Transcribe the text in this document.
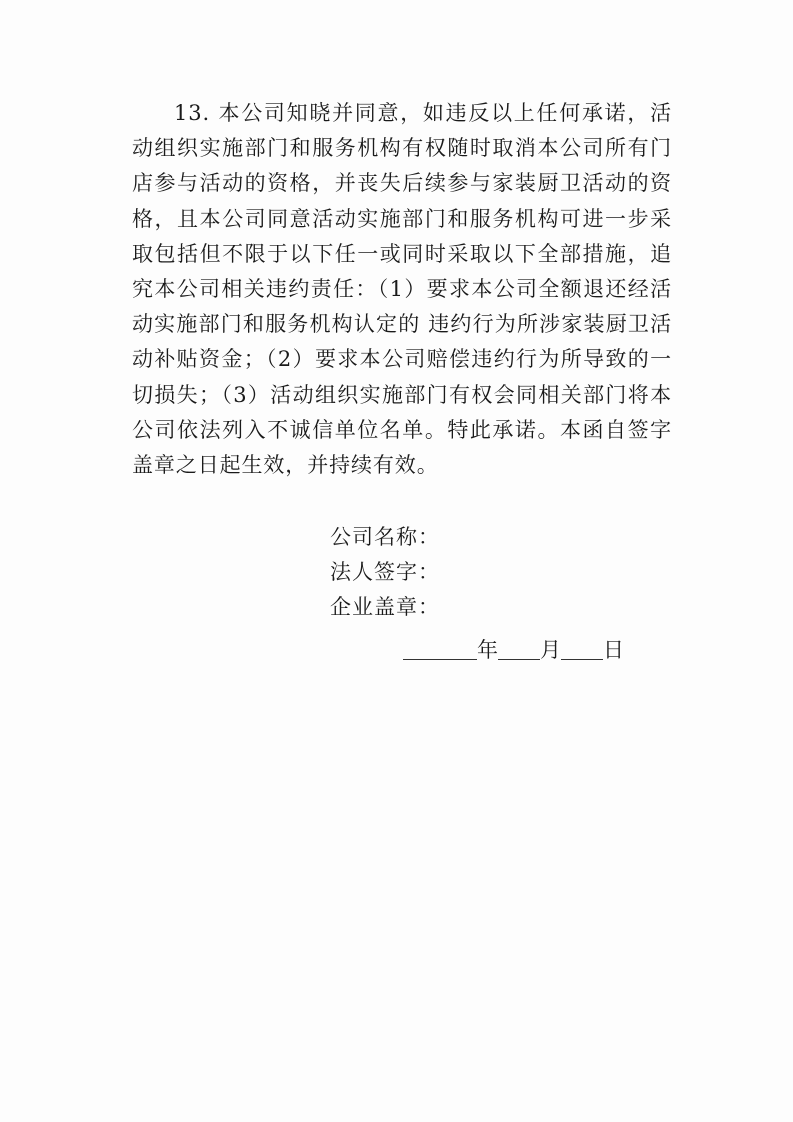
13. 本公司知晓并同意，如违反以上任何承诺，活动组织实施部门和服务机构有权随时取消本公司所有门店参与活动的资格，并丧失后续参与家装厨卫活动的资格，且本公司同意活动实施部门和服务机构可进一步采取包括但不限于以下任一或同时采取以下全部措施，追究本公司相关违约责任：（1）要求本公司全额退还经活动实施部门和服务机构认定的 违约行为所涉家装厨卫活动补贴资金；（2）要求本公司赔偿违约行为所导致的一切损失；（3）活动组织实施部门有权会同相关部门将本公司依法列入不诚信单位名单。特此承诺。本函自签字盖章之日起生效，并持续有效。

公司名称：
法人签字：
企业盖章：
年 月 日
